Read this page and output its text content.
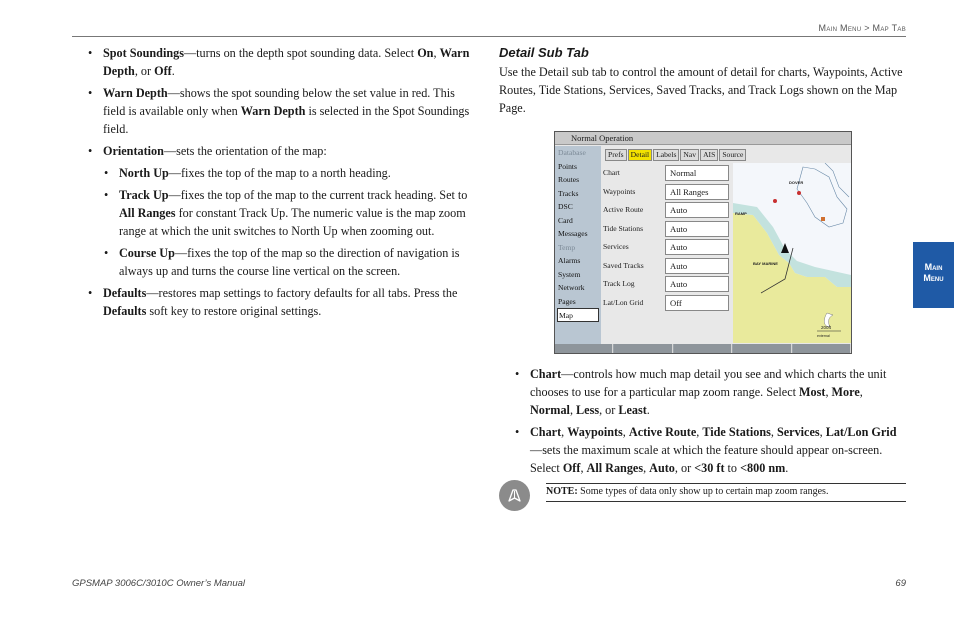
Main Menu > Map Tab
Main
Menu
• Spot Soundings—turns on the depth spot sounding data. Select On, Warn Depth, or Off.
• Warn Depth—shows the spot sounding below the set value in red. This field is available only when Warn Depth is selected in the Spot Soundings field.
• Orientation—sets the orientation of the map:
• North Up—fixes the top of the map to a north heading.
• Track Up—fixes the top of the map to the current track heading. Set to All Ranges for constant Track Up. The numeric value is the map zoom range at which the unit switches to North Up when zooming out.
• Course Up—fixes the top of the map so the direction of navigation is always up and turns the course line vertical on the screen.
• Defaults—restores map settings to factory defaults for all tabs. Press the Defaults soft key to restore original settings.
Detail Sub Tab
Use the Detail sub tab to control the amount of detail for charts, Waypoints, Active Routes, Tide Stations, Services, Saved Tracks, and Track Logs shown on the Map Page.
Normal Operation
Database
Points
Routes
Tracks
DSC
Card
Messages
Temp
Alarms
System
Network
Pages
Map
Prefs Detail Labels Nav AIS Source
Chart	Normal
Waypoints	All Ranges
Active Route	Auto
Tide Stations	Auto
Services	Auto
Saved Tracks	Auto
Track Log	Auto
Lat/Lon Grid	Off
DOVER
RAMP
BAY MARINE
200ft
external
• Chart—controls how much map detail you see and which charts the unit chooses to use for a particular map zoom range. Select Most, More, Normal, Less, or Least.
• Chart, Waypoints, Active Route, Tide Stations, Services, Lat/Lon Grid—sets the maximum scale at which the feature should appear on-screen. Select Off, All Ranges, Auto, or <30 ft to <800 nm.
NOTE: Some types of data only show up to certain map zoom ranges.
GPSMAP 3006C/3010C Owner’s Manual	69
